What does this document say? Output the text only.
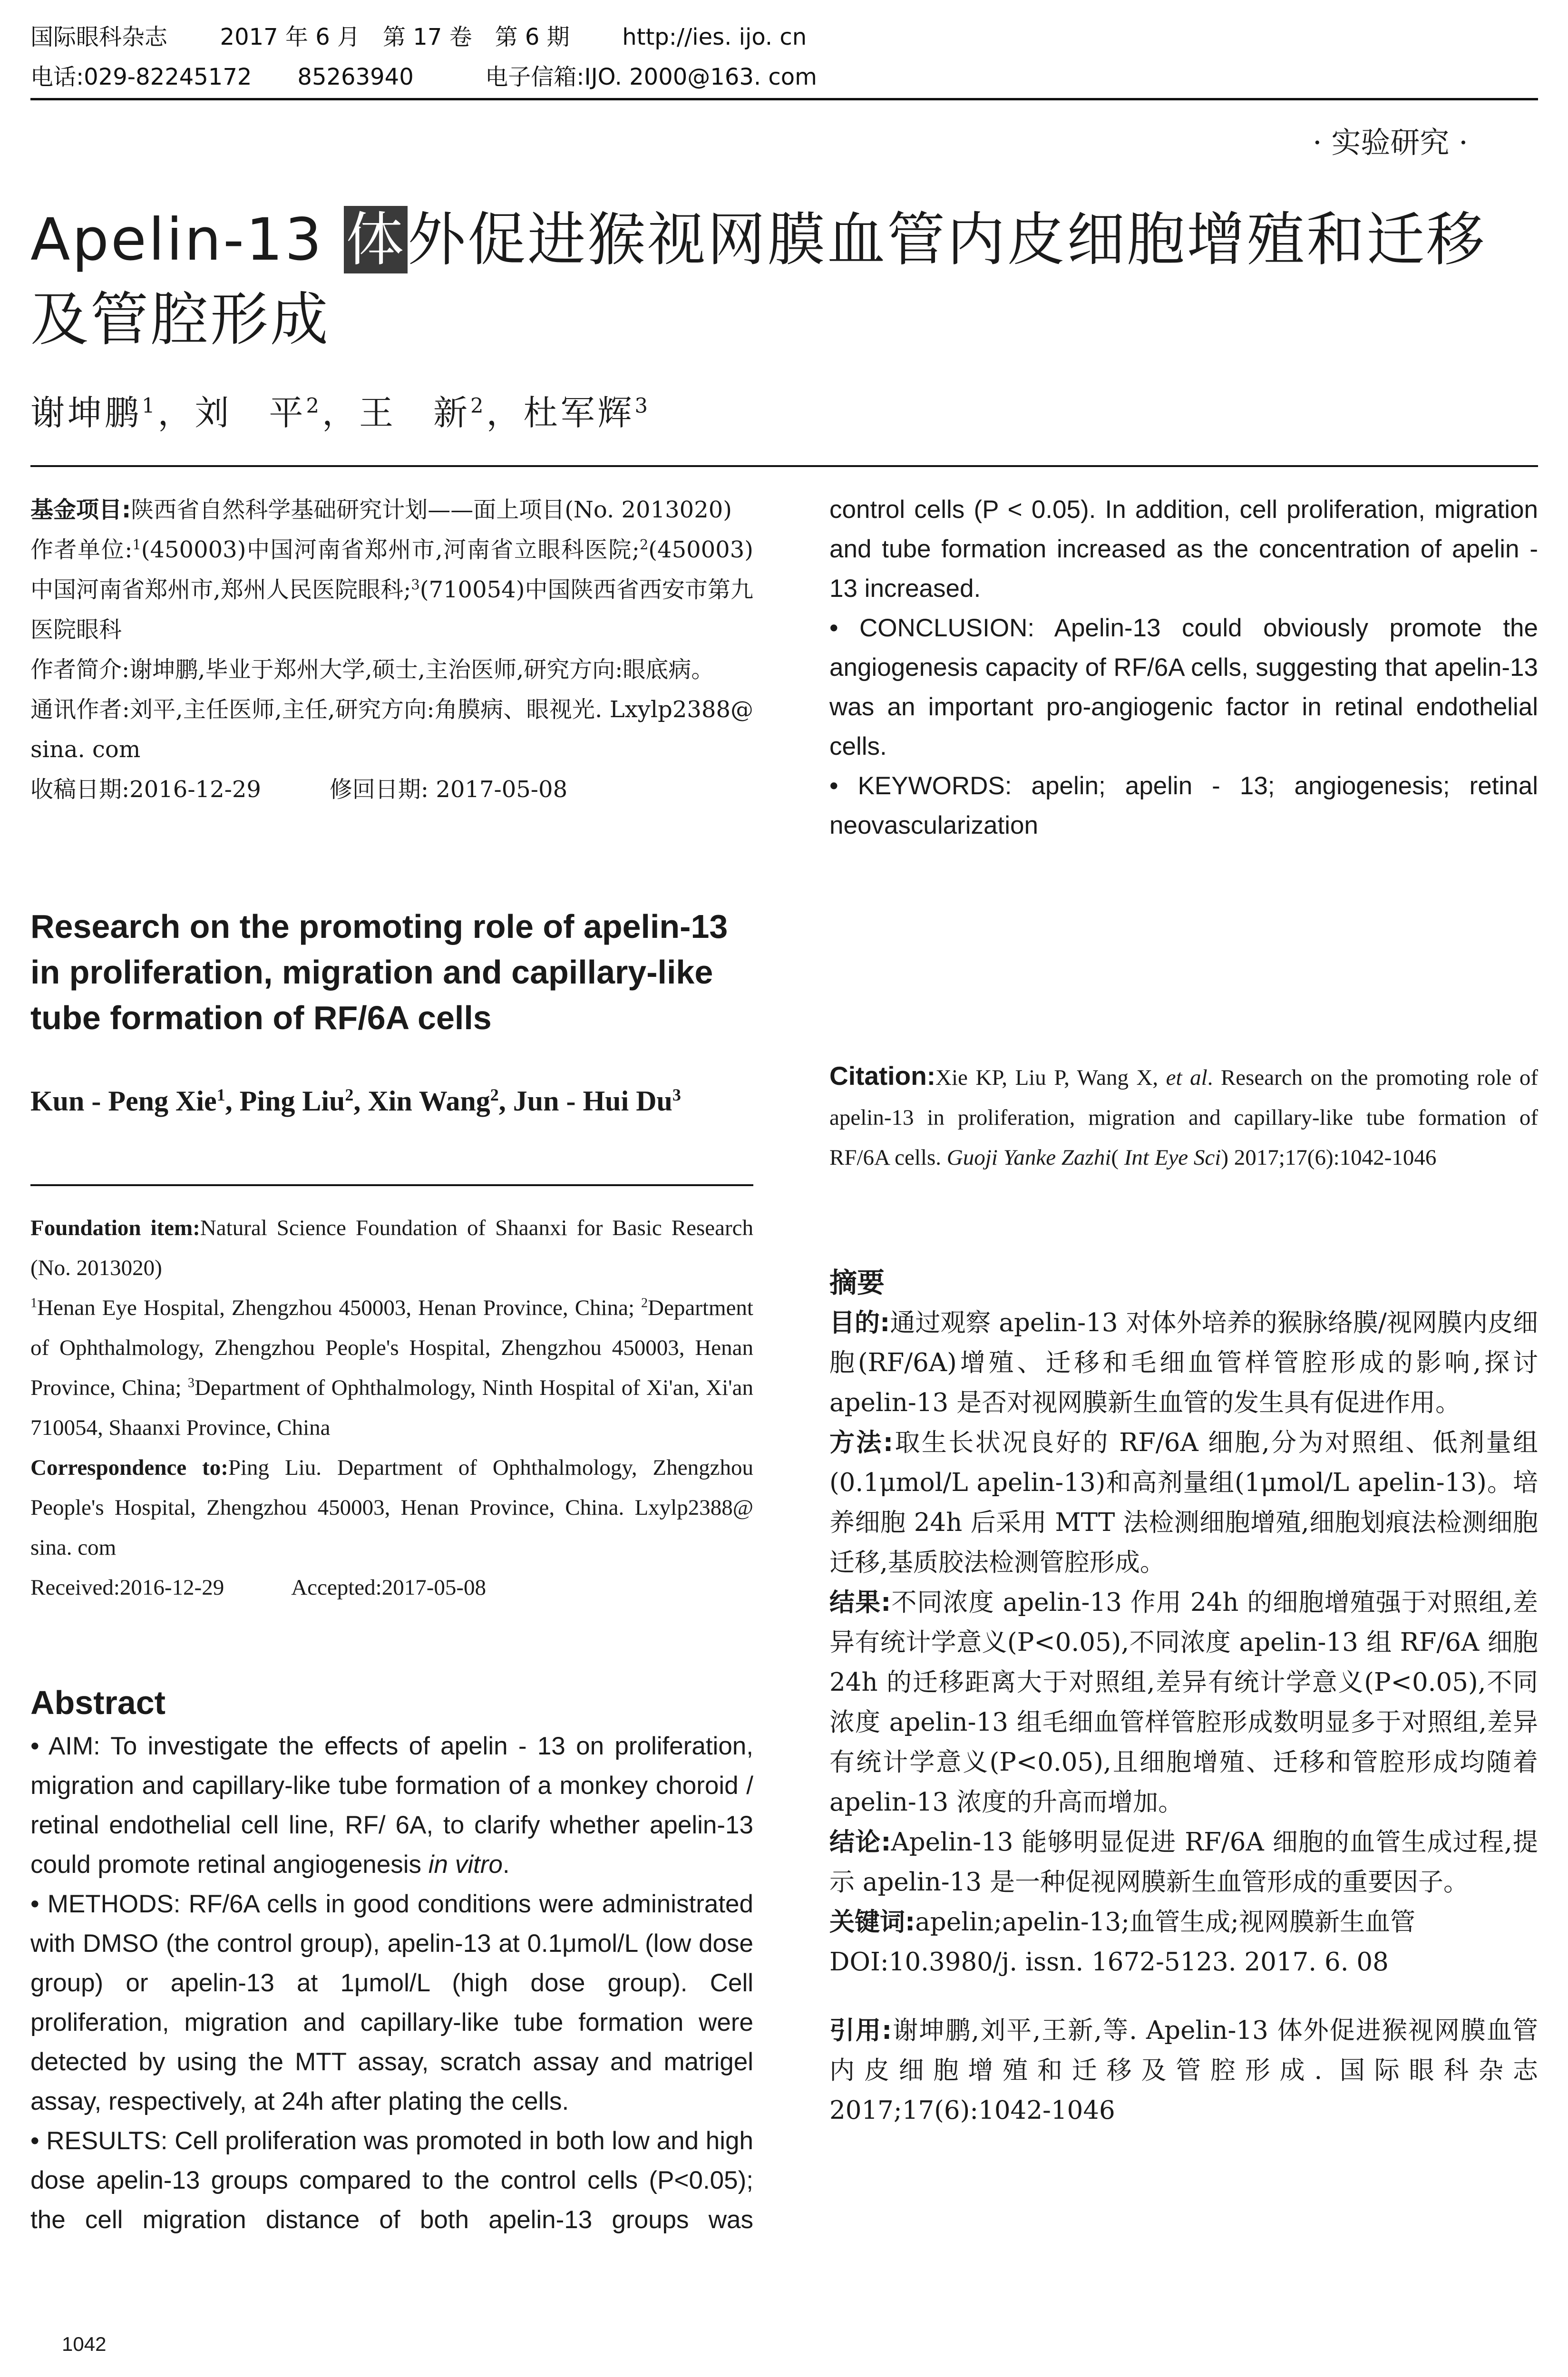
国际眼科杂志 2017 年 6 月　第 17 卷　第 6 期 http://ies. ijo. cn
电话:029-82245172　　85263940	电子信箱:IJO. 2000@163. com
· 实验研究 ·
Apelin-13 体外促进猴视网膜血管内皮细胞增殖和迁移
及管腔形成
谢坤鹏$^1$，刘　平$^2$，王　新$^2$，杜军辉$^3$

基金项目:陕西省自然科学基础研究计划——面上项目(No. 2013020)

作者单位:$^1$(450003)中国河南省郑州市,河南省立眼科医院;$^2$(450003)中国河南省郑州市,郑州人民医院眼科;$^3$(710054)中国陕西省西安市第九医院眼科

作者简介:谢坤鹏,毕业于郑州大学,硕士,主治医师,研究方向:眼底病。

通讯作者:刘平,主任医师,主任,研究方向:角膜病、眼视光. Lxylp2388@ sina. com

收稿日期:2016-12-29　　　修回日期: 2017-05-08

Research on the promoting role of apelin-13 in proliferation, migration and capillary-like tube formation of RF/6A cells
Kun - Peng Xie$^1$, Ping Liu$^2$, Xin Wang$^2$, Jun - Hui Du$^3$

Foundation item:Natural Science Foundation of Shaanxi for Basic Research (No. 2013020)

$^1$Henan Eye Hospital, Zhengzhou 450003, Henan Province, China; $^2$Department of Ophthalmology, Zhengzhou People's Hospital, Zhengzhou 450003, Henan Province, China; $^3$Department of Ophthalmology, Ninth Hospital of Xi'an, Xi'an 710054, Shaanxi Province, China

Correspondence to:Ping Liu. Department of Ophthalmology, Zhengzhou People's Hospital, Zhengzhou 450003, Henan Province, China. Lxylp2388@ sina. com

Received:2016-12-29　　　Accepted:2017-05-08

Abstract

• AIM: To investigate the effects of apelin - 13 on proliferation, migration and capillary-like tube formation of a monkey choroid / retinal endothelial cell line, RF/ 6A, to clarify whether apelin-13 could promote retinal angiogenesis in vitro.

• METHODS: RF/6A cells in good conditions were administrated with DMSO (the control group), apelin-13 at 0.1μmol/L (low dose group) or apelin-13 at 1μmol/L (high dose group). Cell proliferation, migration and capillary-like tube formation were detected by using the MTT assay, scratch assay and matrigel assay, respectively, at 24h after plating the cells.

• RESULTS: Cell proliferation was promoted in both low and high dose apelin-13 groups compared to the control cells (P<0.05); the cell migration distance of both apelin-13 groups was

1042

control cells (P < 0.05). In addition, cell proliferation, migration and tube formation increased as the concentration of apelin - 13 increased.

• CONCLUSION: Apelin-13 could obviously promote the angiogenesis capacity of RF/6A cells, suggesting that apelin-13 was an important pro-angiogenic factor in retinal endothelial cells.

• KEYWORDS: apelin; apelin - 13; angiogenesis; retinal neovascularization

Citation:Xie KP, Liu P, Wang X, et al. Research on the promoting role of apelin-13 in proliferation, migration and capillary-like tube formation of RF/6A cells. Guoji Yanke Zazhi( Int Eye Sci) 2017;17(6):1042-1046
摘要

目的:通过观察 apelin-13 对体外培养的猴脉络膜/视网膜内皮细胞(RF/6A)增殖、迁移和毛细血管样管腔形成的影响,探讨 apelin-13 是否对视网膜新生血管的发生具有促进作用。

方法:取生长状况良好的 RF/6A 细胞,分为对照组、低剂量组(0.1μmol/L apelin-13)和高剂量组(1μmol/L apelin-13)。培养细胞 24h 后采用 MTT 法检测细胞增殖,细胞划痕法检测细胞迁移,基质胶法检测管腔形成。

结果:不同浓度 apelin-13 作用 24h 的细胞增殖强于对照组,差异有统计学意义(P<0.05),不同浓度 apelin-13 组 RF/6A 细胞 24h 的迁移距离大于对照组,差异有统计学意义(P<0.05),不同浓度 apelin-13 组毛细血管样管腔形成数明显多于对照组,差异有统计学意义(P<0.05),且细胞增殖、迁移和管腔形成均随着 apelin-13 浓度的升高而增加。

结论:Apelin-13 能够明显促进 RF/6A 细胞的血管生成过程,提示 apelin-13 是一种促视网膜新生血管形成的重要因子。

关键词:apelin;apelin-13;血管生成;视网膜新生血管

DOI:10.3980/j. issn. 1672-5123. 2017. 6. 08

引用:谢坤鹏,刘平,王新,等. Apelin-13 体外促进猴视网膜血管内皮细胞增殖和迁移及管腔形成. 国际眼科杂志 2017;17(6):1042-1046
